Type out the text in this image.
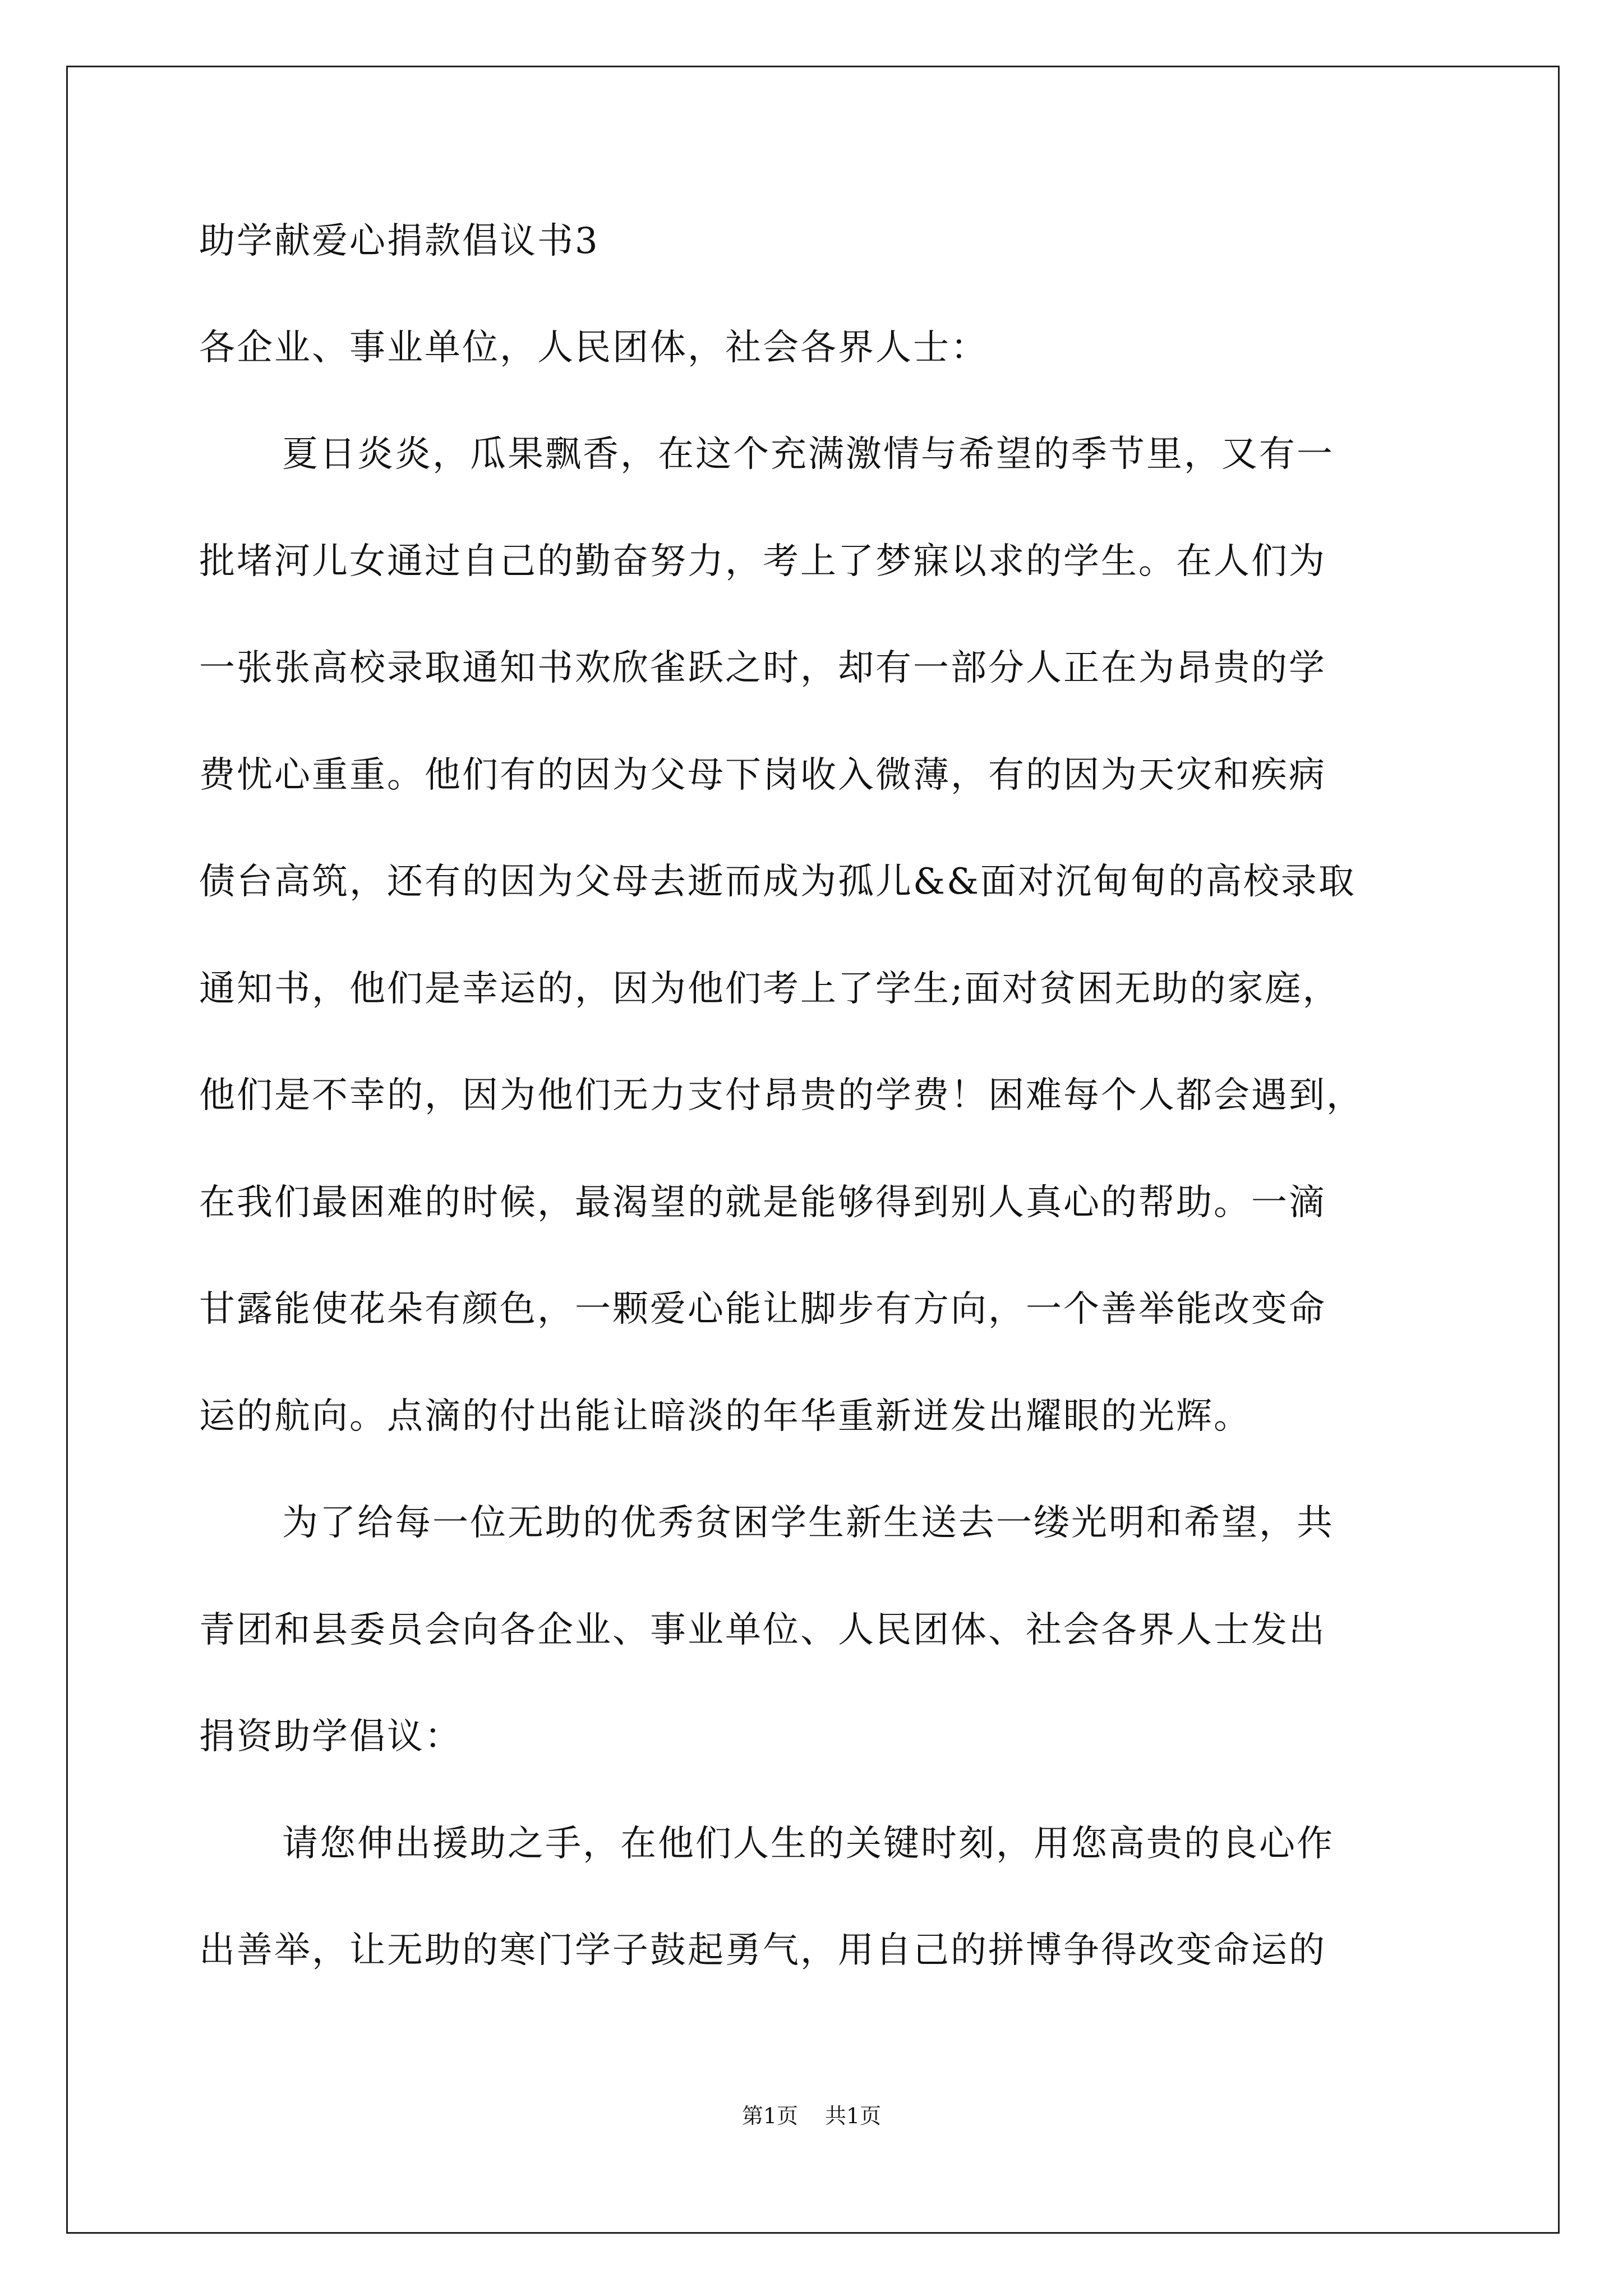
助学献爱心捐款倡议书3
各企业、事业单位，人民团体，社会各界人士：
夏日炎炎，瓜果飘香，在这个充满激情与希望的季节里，又有一
批堵河儿女通过自己的勤奋努力，考上了梦寐以求的学生。在人们为
一张张高校录取通知书欢欣雀跃之时，却有一部分人正在为昂贵的学
费忧心重重。他们有的因为父母下岗收入微薄，有的因为天灾和疾病
债台高筑，还有的因为父母去逝而成为孤儿&&面对沉甸甸的高校录取
通知书，他们是幸运的，因为他们考上了学生;面对贫困无助的家庭，
他们是不幸的，因为他们无力支付昂贵的学费！困难每个人都会遇到，
在我们最困难的时候，最渴望的就是能够得到别人真心的帮助。一滴
甘露能使花朵有颜色，一颗爱心能让脚步有方向，一个善举能改变命
运的航向。点滴的付出能让暗淡的年华重新迸发出耀眼的光辉。
为了给每一位无助的优秀贫困学生新生送去一缕光明和希望，共
青团和县委员会向各企业、事业单位、人民团体、社会各界人士发出
捐资助学倡议：
请您伸出援助之手，在他们人生的关键时刻，用您高贵的良心作
出善举，让无助的寒门学子鼓起勇气，用自己的拼博争得改变命运的
第1页 共1页
